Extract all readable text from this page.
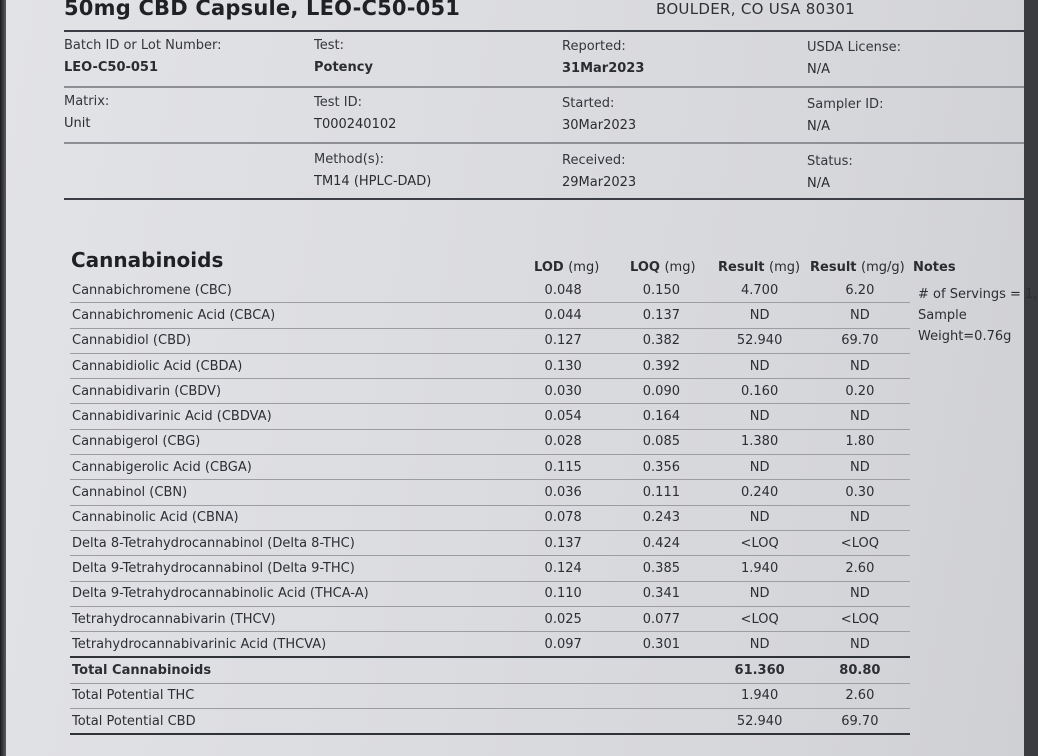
50mg CBD Capsule, LEO-C50-051	BOULDER, CO USA 80301
Batch ID or Lot Number:
LEO-C50-051
Test:
Potency
Reported:
31Mar2023
USDA License:
N/A
Matrix:
Unit
Test ID:
T000240102
Started:
30Mar2023
Sampler ID:
N/A
Method(s):
TM14 (HPLC-DAD)
Received:
29Mar2023
Status:
N/A
Cannabinoids	LOD (mg) LOQ (mg) Result (mg) Result (mg/g) Notes
Cannabichromene (CBC)	0.048	0.150	4.700	6.20
Cannabichromenic Acid (CBCA)	0.044	0.137	ND	ND
Cannabidiol (CBD)	0.127	0.382	52.940	69.70
Cannabidiolic Acid (CBDA)	0.130	0.392	ND	ND
Cannabidivarin (CBDV)	0.030	0.090	0.160	0.20
Cannabidivarinic Acid (CBDVA)	0.054	0.164	ND	ND
Cannabigerol (CBG)	0.028	0.085	1.380	1.80
Cannabigerolic Acid (CBGA)	0.115	0.356	ND	ND
Cannabinol (CBN)	0.036	0.111	0.240	0.30
Cannabinolic Acid (CBNA)	0.078	0.243	ND	ND
Delta 8-Tetrahydrocannabinol (Delta 8-THC)	0.137	0.424	<LOQ	<LOQ
Delta 9-Tetrahydrocannabinol (Delta 9-THC)	0.124	0.385	1.940	2.60
Delta 9-Tetrahydrocannabinolic Acid (THCA-A)	0.110	0.341	ND	ND
Tetrahydrocannabivarin (THCV)	0.025	0.077	<LOQ	<LOQ
Tetrahydrocannabivarinic Acid (THCVA)	0.097	0.301	ND	ND
Total Cannabinoids			61.360	80.80
Total Potential THC			1.940	2.60
Total Potential CBD			52.940	69.70
# of Servings = 1,
Sample
Weight=0.76g
